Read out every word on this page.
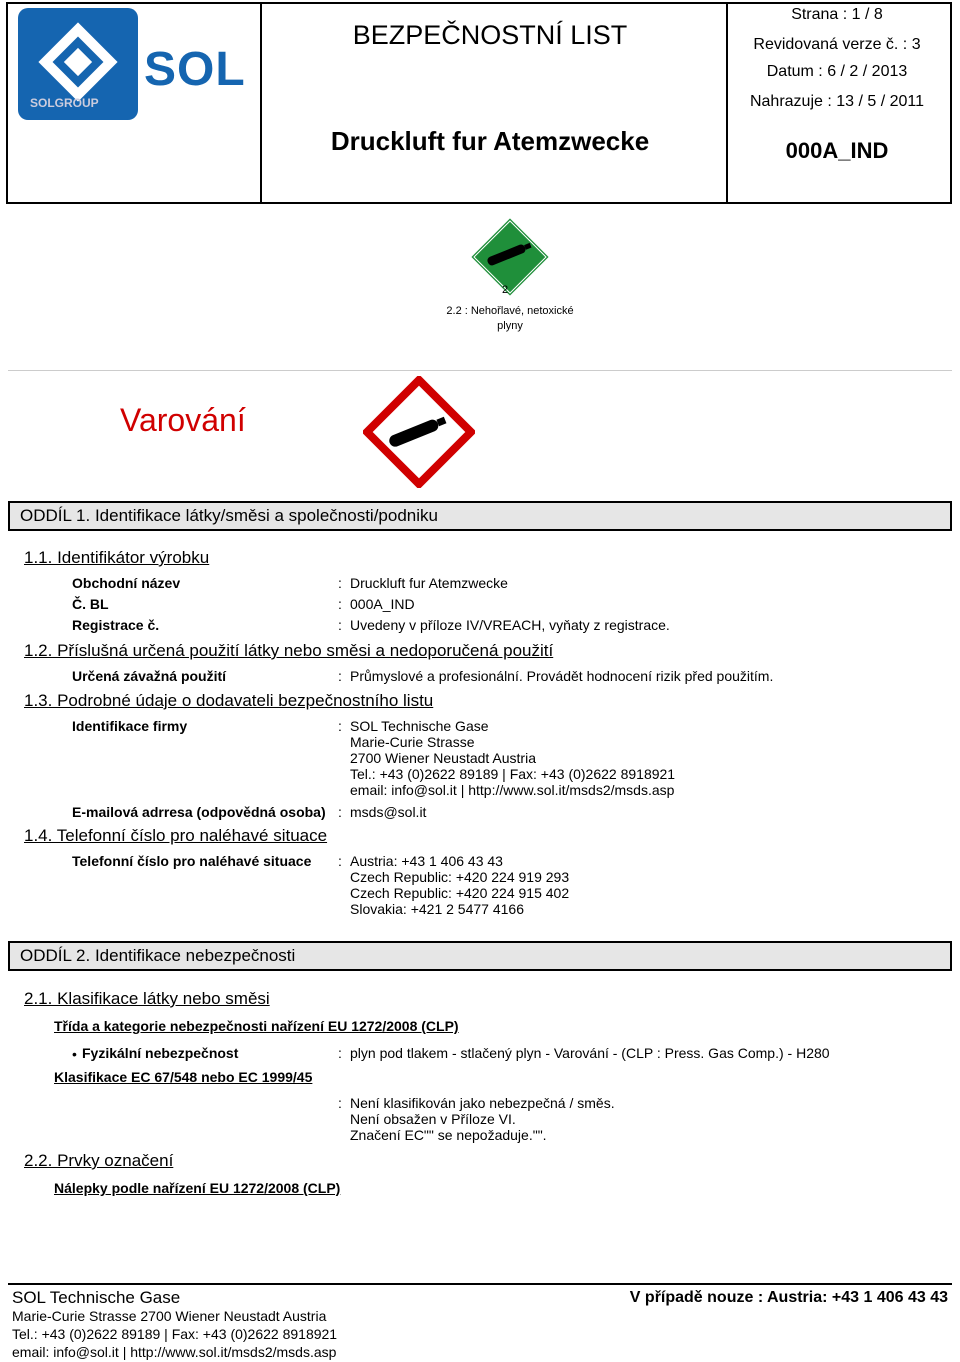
SOL
SOLGROUP
BEZPEČNOSTNÍ LIST
Druckluft fur Atemzwecke
Strana : 1 / 8
Revidovaná verze č. : 3
Datum : 6 / 2 / 2013
Nahrazuje : 13 / 5 / 2011
000A_IND
2
2.2 : Nehořlavé, netoxické
plyny
Varování
ODDÍL 1. Identifikace látky/směsi a společnosti/podniku
1.1. Identifikátor výrobku
Obchodní název	: Druckluft fur Atemzwecke
Č. BL	: 000A_IND
Registrace č.	: Uvedeny v příloze IV/VREACH, vyňaty z registrace.
1.2. Příslušná určená použití látky nebo směsi a nedoporučená použití
Určená závažná použití	: Průmyslové a profesionální. Provádět hodnocení rizik před použitím.
1.3. Podrobné údaje o dodavateli bezpečnostního listu
Identifikace firmy	: SOL Technische Gase
Marie-Curie Strasse
2700 Wiener Neustadt Austria
Tel.: +43 (0)2622 89189 | Fax: +43 (0)2622 8918921
email: info@sol.it | http://www.sol.it/msds2/msds.asp
E-mailová adrresa (odpovědná osoba) : msds@sol.it
1.4. Telefonní číslo pro naléhavé situace
Telefonní číslo pro naléhavé situace : Austria: +43 1 406 43 43
Czech Republic: +420 224 919 293
Czech Republic: +420 224 915 402
Slovakia: +421 2 5477 4166
ODDÍL 2. Identifikace nebezpečnosti
2.1. Klasifikace látky nebo směsi
Třída a kategorie nebezpečnosti nařízení EU 1272/2008 (CLP)
• Fyzikální nebezpečnost	: plyn pod tlakem - stlačený plyn - Varování - (CLP : Press. Gas Comp.) - H280
Klasifikace EC 67/548 nebo EC 1999/45
: Není klasifikován jako nebezpečná / směs.
Není obsažen v Příloze VI.
Značení EC"" se nepožaduje."".
2.2. Prvky označení
Nálepky podle nařízení EU 1272/2008 (CLP)
SOL Technische Gase
Marie-Curie Strasse 2700 Wiener Neustadt Austria
Tel.: +43 (0)2622 89189 | Fax: +43 (0)2622 8918921
email: info@sol.it | http://www.sol.it/msds2/msds.asp
V případě nouze : Austria: +43 1 406 43 43
